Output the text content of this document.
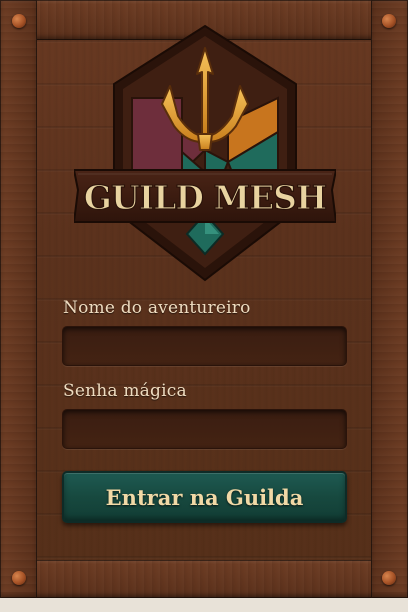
GUILD MESH
Nome do aventureiro
Senha mágica
Entrar na Guilda
